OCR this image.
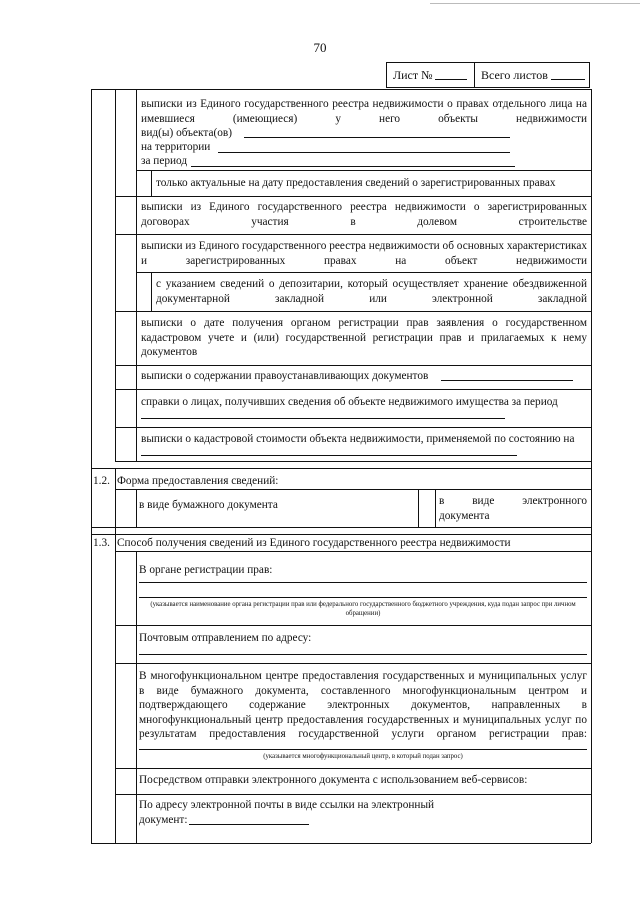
70
Лист №	Всего листов
выписки из Единого государственного реестра недвижимости о правах отдельного лица на имевшиеся (имеющиеся) у него объекты недвижимости
вид(ы) объекта(ов)
на территории
за период
только актуальные на дату предоставления сведений о зарегистрированных правах
выписки из Единого государственного реестра недвижимости о зарегистрированных договорах участия в долевом строительстве
выписки из Единого государственного реестра недвижимости об основных характеристиках и зарегистрированных правах на объект недвижимости
с указанием сведений о депозитарии, который осуществляет хранение обездвиженной документарной закладной или электронной закладной
выписки о дате получения органом регистрации прав заявления о государственном кадастровом учете и (или) государственной регистрации прав и прилагаемых к нему документов
выписки о содержании правоустанавливающих документов
справки о лицах, получивших сведения об объекте недвижимого имущества за период
выписки о кадастровой стоимости объекта недвижимости, применяемой по состоянию на
1.2. Форма предоставления сведений:
в виде бумажного документа	в виде электронного документа
1.3. Способ получения сведений из Единого государственного реестра недвижимости
В органе регистрации прав:
(указывается наименование органа регистрации прав или федерального государственного бюджетного учреждения, куда подан запрос при личном обращении)
Почтовым отправлением по адресу:
В многофункциональном центре предоставления государственных и муниципальных услуг в виде бумажного документа, составленного многофункциональным центром и подтверждающего содержание электронных документов, направленных в многофункциональный центр предоставления государственных и муниципальных услуг по результатам предоставления государственной услуги органом регистрации прав:
(указывается многофункциональный центр, в который подан запрос)
Посредством отправки электронного документа с использованием веб-сервисов:
По адресу электронной почты в виде ссылки на электронный документ:
